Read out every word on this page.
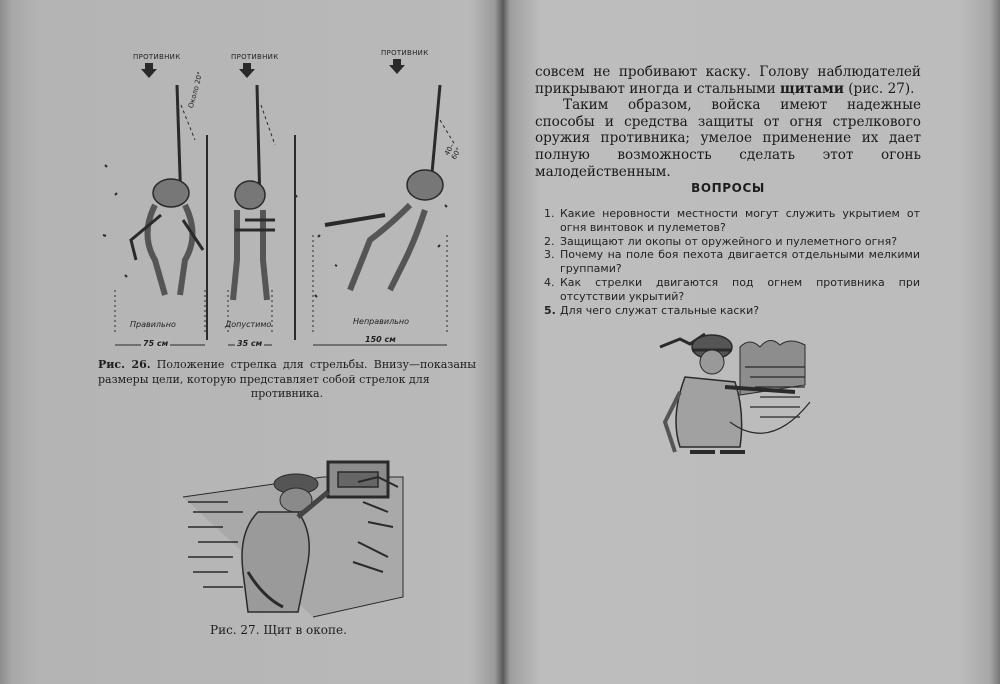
ПРОТИВНИК	ПРОТИВНИК	ПРОТИВНИК
Около 20°
40–60°
Правильно	Допустимо	Неправильно
75 см	35 см	150 см
Рис. 26. Положение стрелка для стрельбы. Внизу—показаны размеры цели, которую представляет собой стрелок для
противника.
Рис. 27. Щит в окопе.

совсем не пробивают каску. Голову наблюдателей прикрывают иногда и стальными щитами (рис. 27).

Таким образом, войска имеют надежные способы и средства защиты от огня стрелкового оружия противника; умелое применение их дает полную возможность сделать этот огонь малодейственным.

ВОПРОСЫ
1. Какие неровности местности могут служить укрытием от огня винтовок и пулеметов?
2. Защищают ли окопы от оружейного и пулеметного огня?
3. Почему на поле боя пехота двигается отдельными мелкими группами?
4. Как стрелки двигаются под огнем противника при отсутствии укрытий?
5. Для чего служат стальные каски?
